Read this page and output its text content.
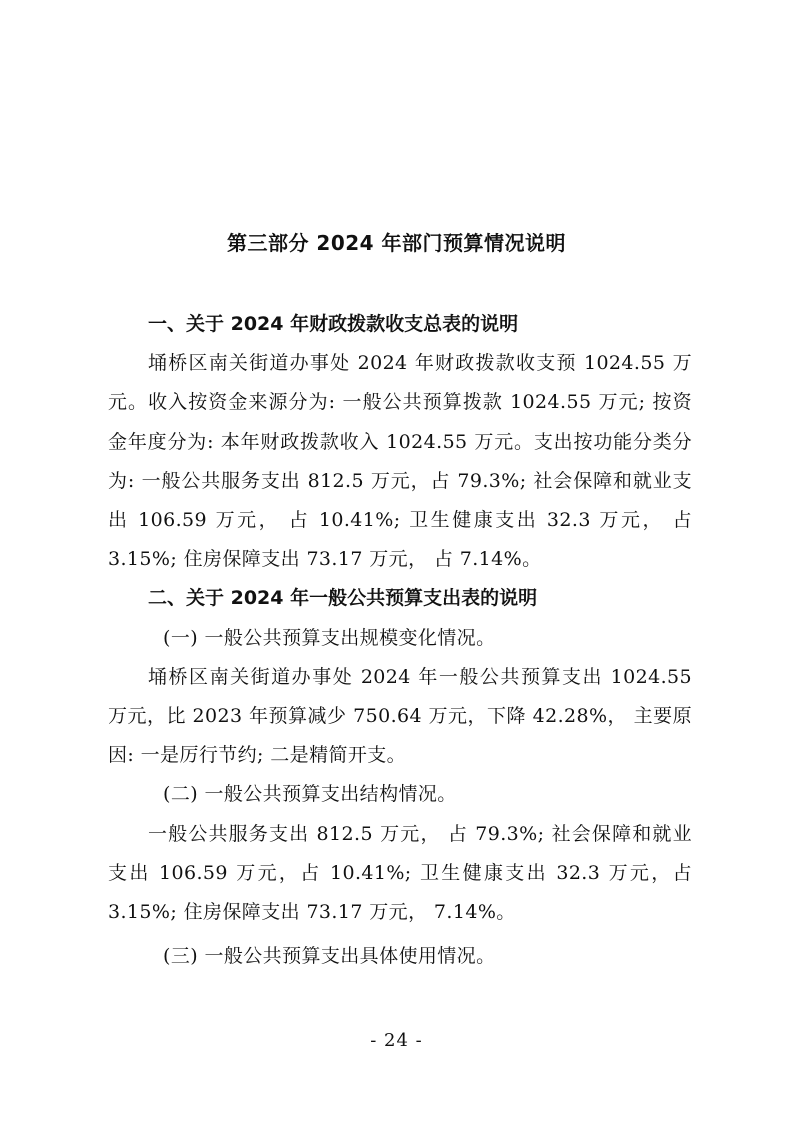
第三部分 2024 年部门预算情况说明

一、关于 2024 年财政拨款收支总表的说明

埇桥区南关街道办事处 2024 年财政拨款收支预 1024.55 万元。收入按资金来源分为: 一般公共预算拨款 1024.55 万元; 按资金年度分为: 本年财政拨款收入 1024.55 万元。支出按功能分类分为: 一般公共服务支出 812.5 万元，占 79.3%; 社会保障和就业支出 106.59 万元， 占 10.41%; 卫生健康支出 32.3 万元， 占 3.15%; 住房保障支出 73.17 万元， 占 7.14%。

二、关于 2024 年一般公共预算支出表的说明

(一) 一般公共预算支出规模变化情况。

埇桥区南关街道办事处 2024 年一般公共预算支出 1024.55 万元，比 2023 年预算减少 750.64 万元，下降 42.28%， 主要原因: 一是厉行节约; 二是精简开支。

(二) 一般公共预算支出结构情况。

一般公共服务支出 812.5 万元， 占 79.3%; 社会保障和就业支出 106.59 万元，占 10.41%; 卫生健康支出 32.3 万元，占 3.15%; 住房保障支出 73.17 万元， 7.14%。

(三) 一般公共预算支出具体使用情况。

- 24 -
